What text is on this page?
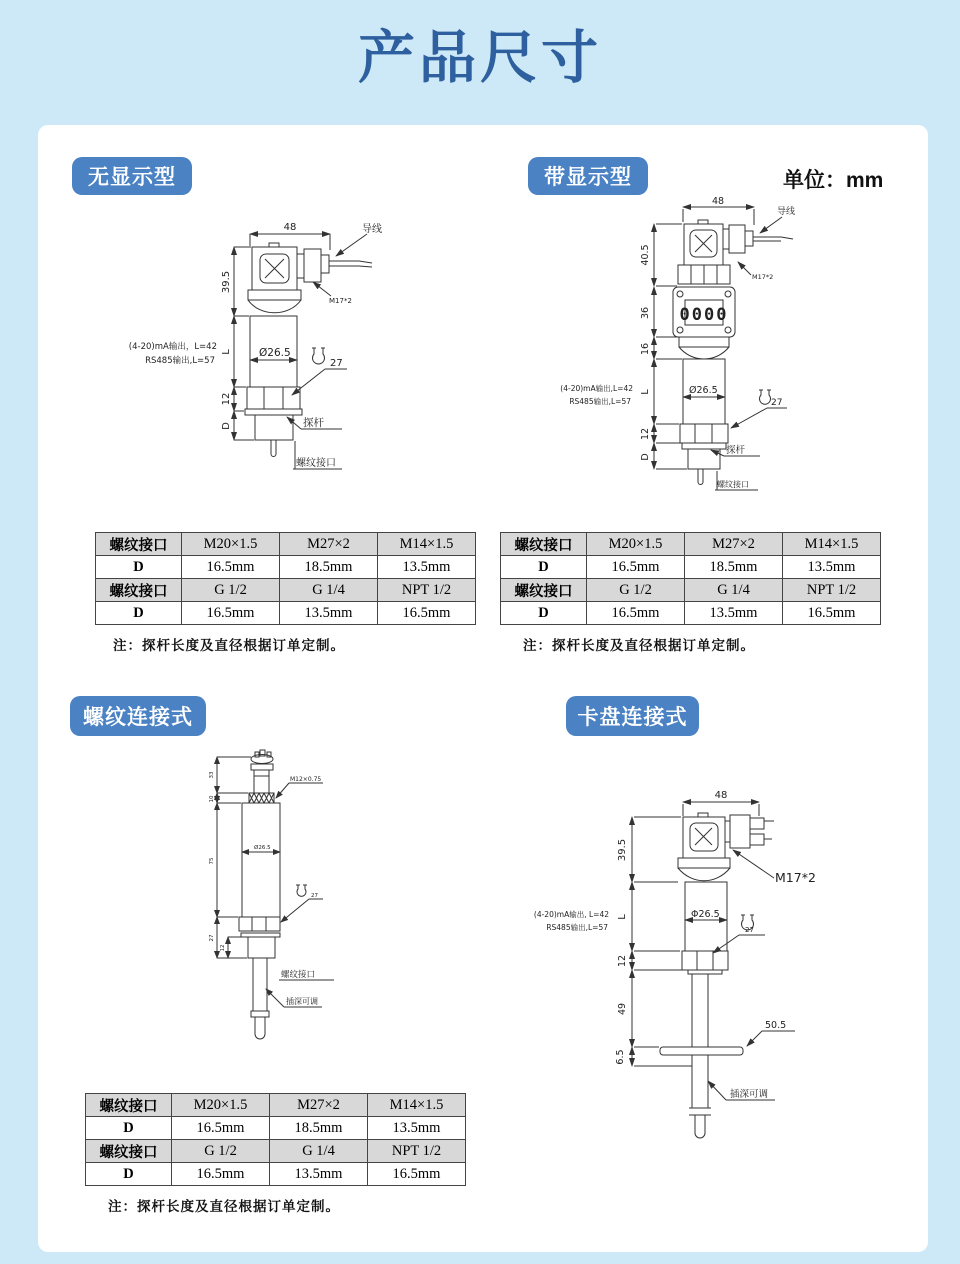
产品尺寸
无显示型	带显示型	单位：mm
48
39.5
L
12
D
(4-20)mA输出，L=42
RS485输出,L=57
导线
M17*2
Ø26.5
27
探杆
螺纹接口
48
40.5
36
16
L
12
D
0000
(4-20)mA输出,L=42
RS485输出,L=57
导线
M17*2
Ø26.5
27
探杆
螺纹接口
螺纹接口	M20×1.5	M27×2	M14×1.5
D	16.5mm	18.5mm	13.5mm
螺纹接口	G 1/2	G 1/4	NPT 1/2
D	16.5mm	13.5mm	16.5mm
注：探杆长度及直径根据订单定制。
螺纹接口	M20×1.5	M27×2	M14×1.5
D	16.5mm	18.5mm	13.5mm
螺纹接口	G 1/2	G 1/4	NPT 1/2
D	16.5mm	13.5mm	16.5mm
注：探杆长度及直径根据订单定制。
螺纹连接式	卡盘连接式
33
10
75
27
12
M12×0.75
Ø26.5
27
螺纹接口
插深可调
48
39.5
L
12
49
6.5
M17*2
Φ26.5
(4-20)mA输出, L=42
RS485输出,L=57	27
50.5
插深可调
螺纹接口	M20×1.5	M27×2	M14×1.5
D	16.5mm	18.5mm	13.5mm
螺纹接口	G 1/2	G 1/4	NPT 1/2
D	16.5mm	13.5mm	16.5mm
注：探杆长度及直径根据订单定制。
